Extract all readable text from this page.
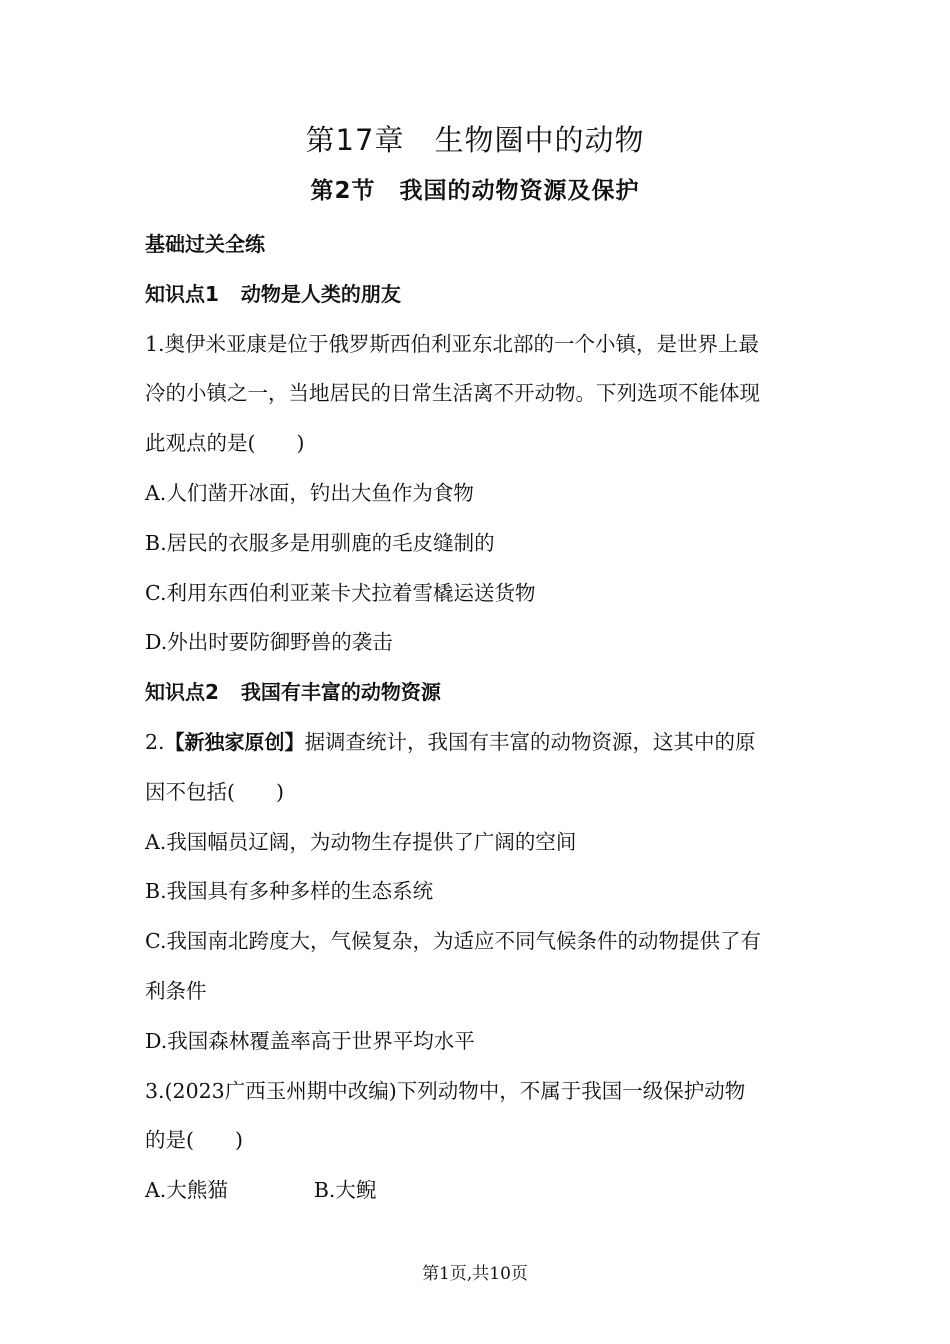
第17章　生物圈中的动物
第2节　我国的动物资源及保护
基础过关全练
知识点1 动物是人类的朋友
1.奥伊米亚康是位于俄罗斯西伯利亚东北部的一个小镇，是世界上最
冷的小镇之一，当地居民的日常生活离不开动物。下列选项不能体现
此观点的是(　　)
A.人们凿开冰面，钓出大鱼作为食物
B.居民的衣服多是用驯鹿的毛皮缝制的
C.利用东西伯利亚莱卡犬拉着雪橇运送货物
D.外出时要防御野兽的袭击
知识点2 我国有丰富的动物资源
2.【新独家原创】据调查统计，我国有丰富的动物资源，这其中的原
因不包括(　　)
A.我国幅员辽阔，为动物生存提供了广阔的空间
B.我国具有多种多样的生态系统
C.我国南北跨度大，气候复杂，为适应不同气候条件的动物提供了有
利条件
D.我国森林覆盖率高于世界平均水平
3.(2023广西玉州期中改编)下列动物中，不属于我国一级保护动物
的是(　　)
A.大熊猫	B.大鲵
第1页,共10页
